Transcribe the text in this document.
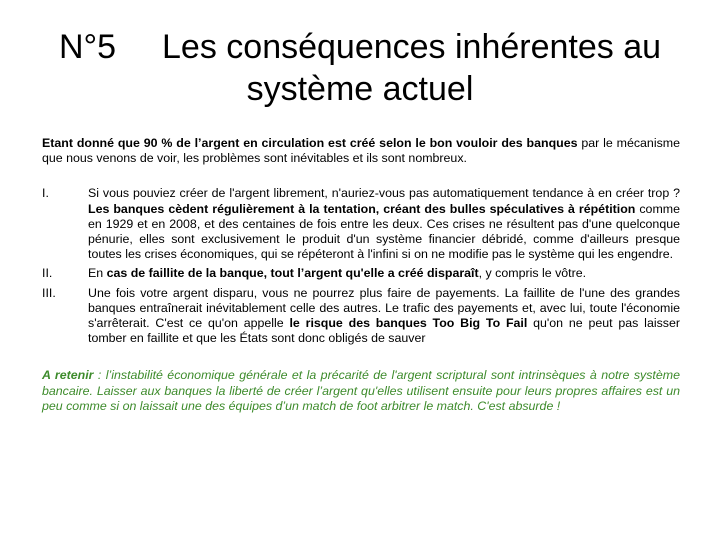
N°5 Les conséquences inhérentes au
système actuel

Etant donné que 90 % de l’argent en circulation est créé selon le bon vouloir des banques par le mécanisme que nous venons de voir, les problèmes sont inévitables et ils sont nombreux.

I.	Si vous pouviez créer de l'argent librement, n'auriez-vous pas automatiquement tendance à en créer trop ? Les banques cèdent régulièrement à la tentation, créant des bulles spéculatives à répétition comme en 1929 et en 2008, et des centaines de fois entre les deux. Ces crises ne résultent pas d'une quelconque pénurie, elles sont exclusivement le produit d'un système financier débridé, comme d'ailleurs presque toutes les crises économiques, qui se répéteront à l'infini si on ne modifie pas le système qui les engendre.
II.	En cas de faillite de la banque, tout l’argent qu'elle a créé disparaît, y compris le vôtre.
III.	Une fois votre argent disparu, vous ne pourrez plus faire de payements. La faillite de l'une des grandes banques entraînerait inévitablement celle des autres. Le trafic des payements et, avec lui, toute l'économie s'arrêterait. C'est ce qu'on appelle le risque des banques Too Big To Fail qu'on ne peut pas laisser tomber en faillite et que les États sont donc obligés de sauver

A retenir : l’instabilité économique générale et la précarité de l'argent scriptural sont intrinsèques à notre système bancaire. Laisser aux banques la liberté de créer l’argent qu'elles utilisent ensuite pour leurs propres affaires est un peu comme si on laissait une des équipes d’un match de foot arbitrer le match. C'est absurde !
